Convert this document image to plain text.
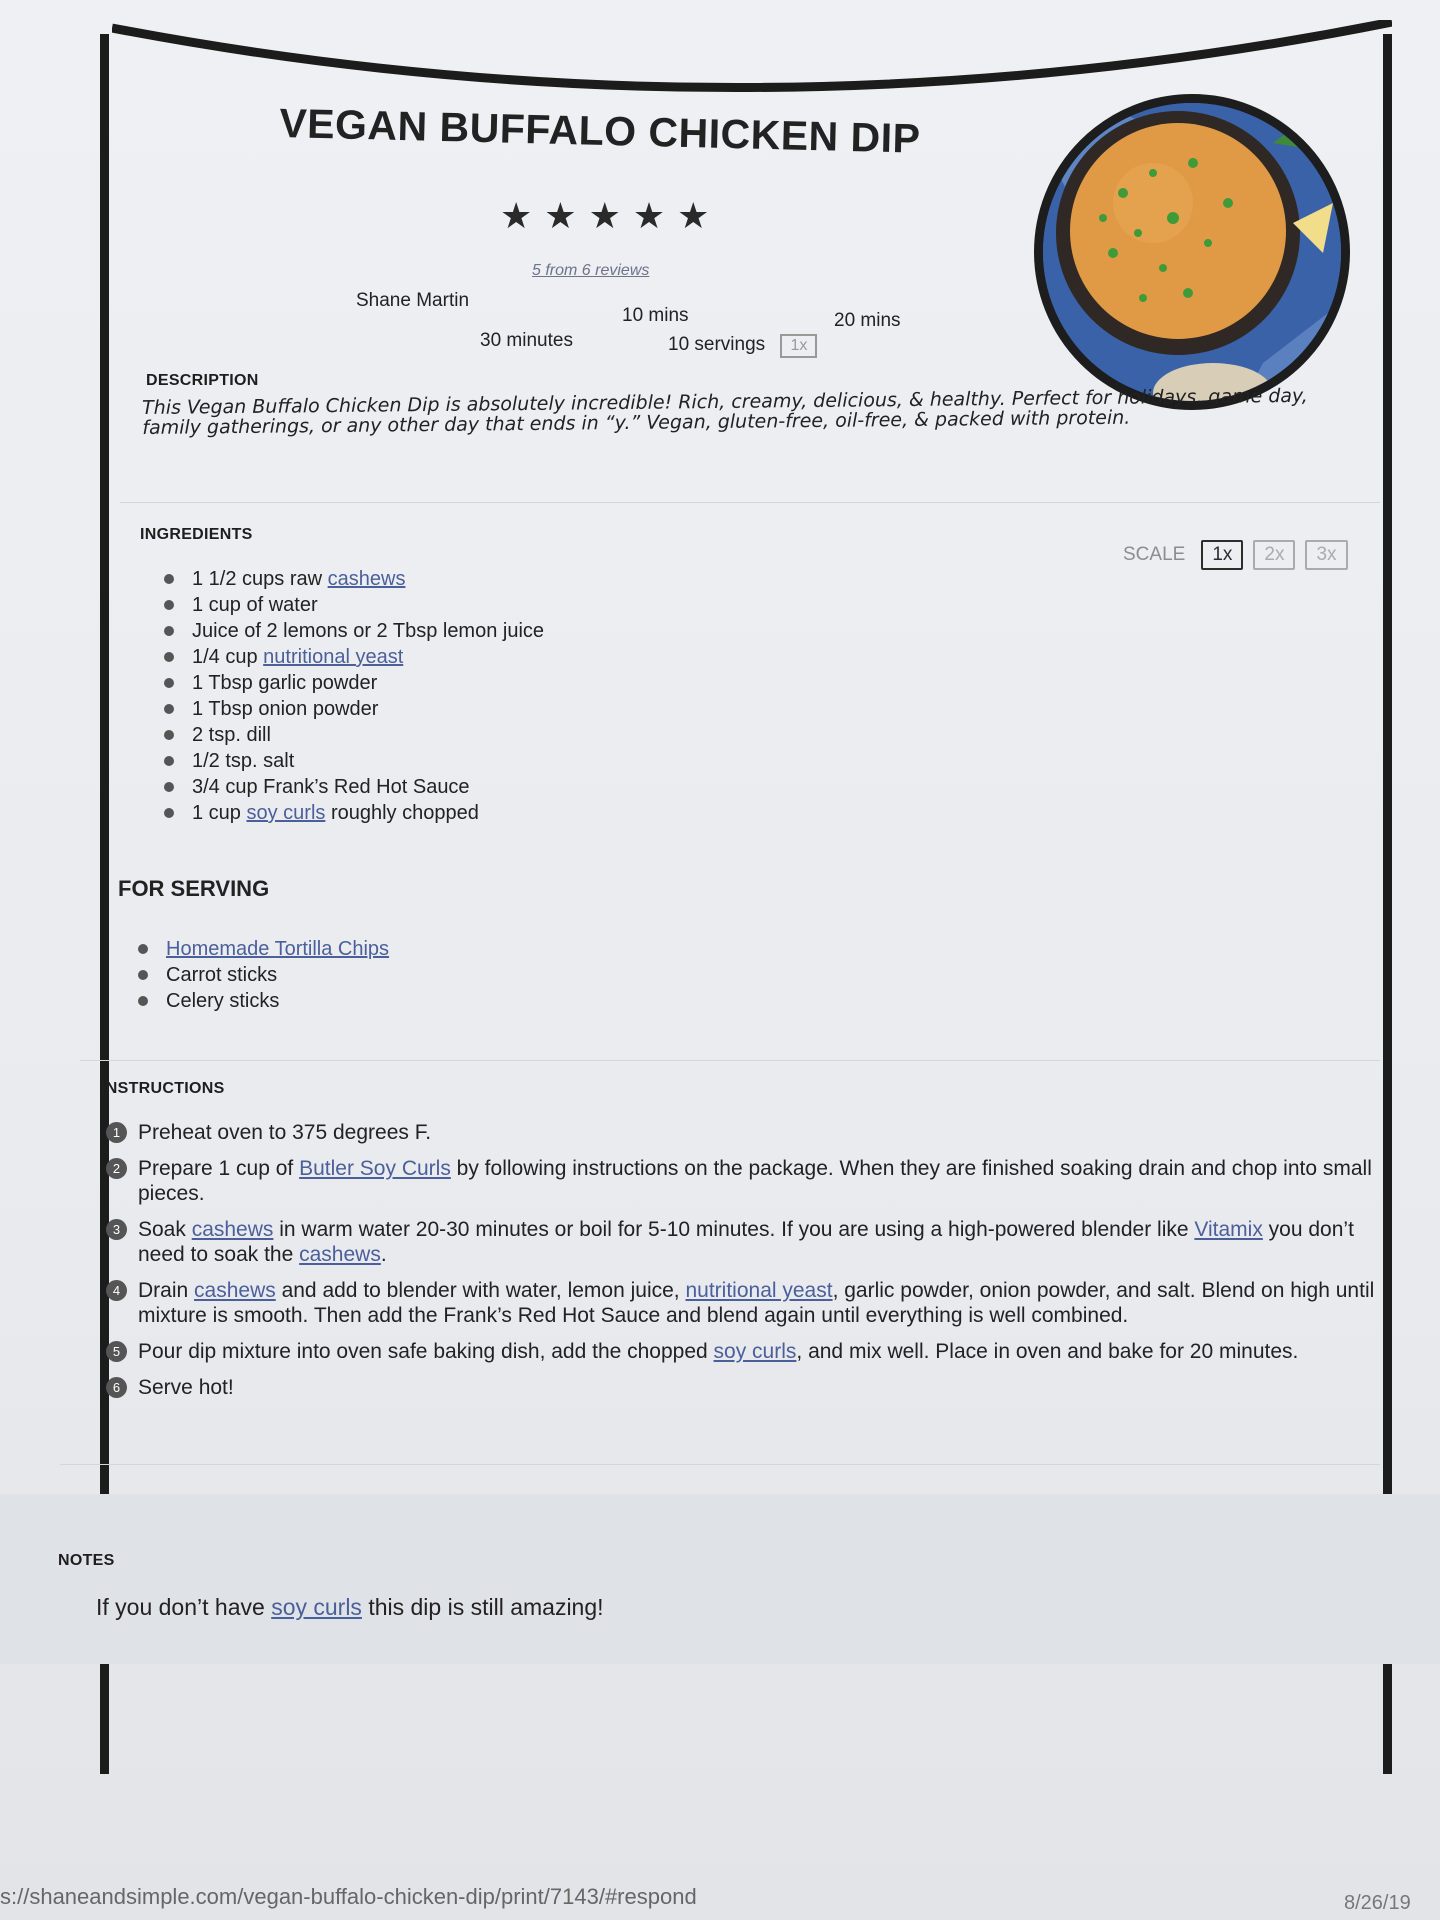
VEGAN BUFFALO CHICKEN DIP
★ ★ ★ ★ ★
5 from 6 reviews
Shane Martin
10 mins	20 mins
30 minutes	10 servings 1x
DESCRIPTION

This Vegan Buffalo Chicken Dip is absolutely incredible! Rich, creamy, delicious, & healthy. Perfect for holidays, game day, family gatherings, or any other day that ends in “y.” Vegan, gluten-free, oil-free, & packed with protein.

INGREDIENTS
SCALE	1x	2x	3x
1 1/2 cups raw cashews
1 cup of water
Juice of 2 lemons or 2 Tbsp lemon juice
1/4 cup nutritional yeast
1 Tbsp garlic powder
1 Tbsp onion powder
2 tsp. dill
1/2 tsp. salt
3/4 cup Frank’s Red Hot Sauce
1 cup soy curls roughly chopped
FOR SERVING
Homemade Tortilla Chips
Carrot sticks
Celery sticks
INSTRUCTIONS
1 Preheat oven to 375 degrees F.
2 Prepare 1 cup of Butler Soy Curls by following instructions on the package. When they are finished soaking drain and chop into small pieces.
3 Soak cashews in warm water 20-30 minutes or boil for 5-10 minutes. If you are using a high-powered blender like Vitamix you don’t need to soak the cashews.
4 Drain cashews and add to blender with water, lemon juice, nutritional yeast, garlic powder, onion powder, and salt. Blend on high until mixture is smooth. Then add the Frank’s Red Hot Sauce and blend again until everything is well combined.
5 Pour dip mixture into oven safe baking dish, add the chopped soy curls, and mix well. Place in oven and bake for 20 minutes.
6 Serve hot!
NOTES
If you don’t have soy curls this dip is still amazing!
s://shaneandsimple.com/vegan-buffalo-chicken-dip/print/7143/#respond	8/26/19
